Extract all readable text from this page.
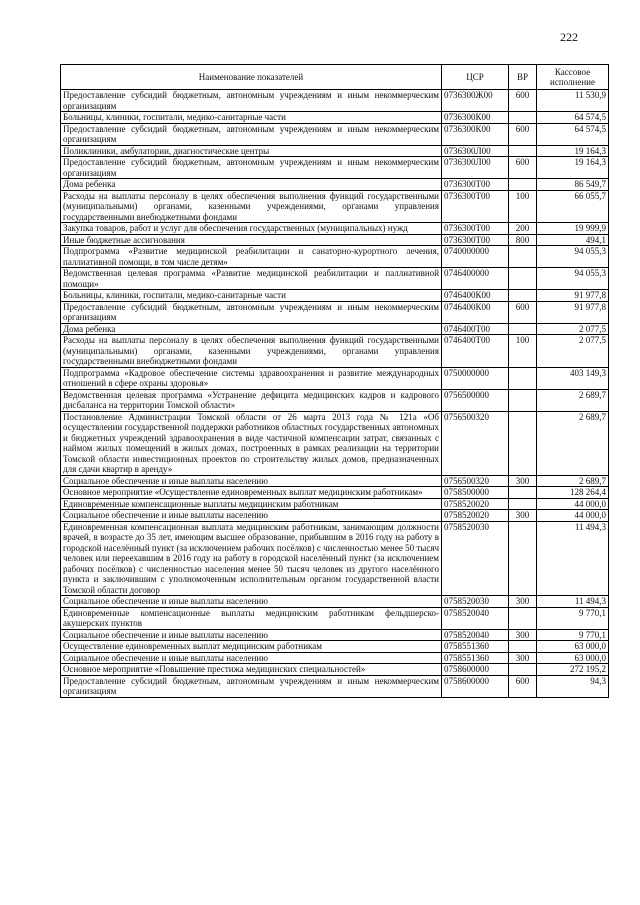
222
Наименование показателей	ЦСР	ВР	Кассовое исполнение
Предоставление субсидий бюджетным, автономным учреждениям и иным некоммерческим организациям	0736300Ж00	600	11 530,9
Больницы, клиники, госпитали, медико-санитарные части	0736300К00		64 574,5
Предоставление субсидий бюджетным, автономным учреждениям и иным некоммерческим организациям	0736300К00	600	64 574,5
Поликлиники, амбулатории, диагностические центры	0736300Л00		19 164,3
Предоставление субсидий бюджетным, автономным учреждениям и иным некоммерческим организациям	0736300Л00	600	19 164,3
Дома ребенка	0736300Т00		86 549,7
Расходы на выплаты персоналу в целях обеспечения выполнения функций государственными (муниципальными) органами, казенными учреждениями, органами управления государственными внебюджетными фондами	0736300Т00	100	66 055,7
Закупка товаров, работ и услуг для обеспечения государственных (муниципальных) нужд	0736300Т00	200	19 999,9
Иные бюджетные ассигнования	0736300Т00	800	494,1
Подпрограмма «Развитие медицинской реабилитации и санаторно-курортного лечения, паллиативной помощи, в том числе детям»	0740000000		94 055,3
Ведомственная целевая программа «Развитие медицинской реабилитации и паллиативной помощи»	0746400000		94 055,3
Больницы, клиники, госпитали, медико-санитарные части	0746400К00		91 977,8
Предоставление субсидий бюджетным, автономным учреждениям и иным некоммерческим организациям	0746400К00	600	91 977,8
Дома ребенка	0746400Т00		2 077,5
Расходы на выплаты персоналу в целях обеспечения выполнения функций государственными (муниципальными) органами, казенными учреждениями, органами управления государственными внебюджетными фондами	0746400Т00	100	2 077,5
Подпрограмма «Кадровое обеспечение системы здравоохранения и развитие международных отношений в сфере охраны здоровья»	0750000000		403 149,3
Ведомственная целевая программа «Устранение дефицита медицинских кадров и кадрового дисбаланса на территории Томской области»	0756500000		2 689,7
Постановление Администрации Томской области от 26 марта 2013 года № 121а «Об осуществлении государственной поддержки работников областных государственных автономных и бюджетных учреждений здравоохранения в виде частичной компенсации затрат, связанных с наймом жилых помещений в жилых домах, построенных в рамках реализации на территории Томской области инвестиционных проектов по строительству жилых домов, предназначенных для сдачи квартир в аренду»	0756500320		2 689,7
Социальное обеспечение и иные выплаты населению	0756500320	300	2 689,7
Основное мероприятие «Осуществление единовременных выплат медицинским работникам»	0758500000		128 264,4
Единовременные компенсационные выплаты медицинским работникам	0758520020		44 000,0
Социальное обеспечение и иные выплаты населению	0758520020	300	44 000,0
Единовременная компенсационная выплата медицинским работникам, занимающим должности врачей, в возрасте до 35 лет, имеющим высшее образование, прибывшим в 2016 году на работу в городской населённый пункт (за исключением рабочих посёлков) с численностью менее 50 тысяч человек или переехавшим в 2016 году на работу в городской населённый пункт (за исключением рабочих посёлков) с численностью населения менее 50 тысяч человек из другого населённого пункта и заключившим с уполномоченным исполнительным органом государственной власти Томской области договор	0758520030		11 494,3
Социальное обеспечение и иные выплаты населению	0758520030	300	11 494,3
Единовременные компенсационные выплаты медицинским работникам фельдшерско-акушерских пунктов	0758520040		9 770,1
Социальное обеспечение и иные выплаты населению	0758520040	300	9 770,1
Осуществление единовременных выплат медицинским работникам	0758551360		63 000,0
Социальное обеспечение и иные выплаты населению	0758551360	300	63 000,0
Основное мероприятие «Повышение престижа медицинских специальностей»	0758600000		272 195,2
Предоставление субсидий бюджетным, автономным учреждениям и иным некоммерческим организациям	0758600000	600	94,3
